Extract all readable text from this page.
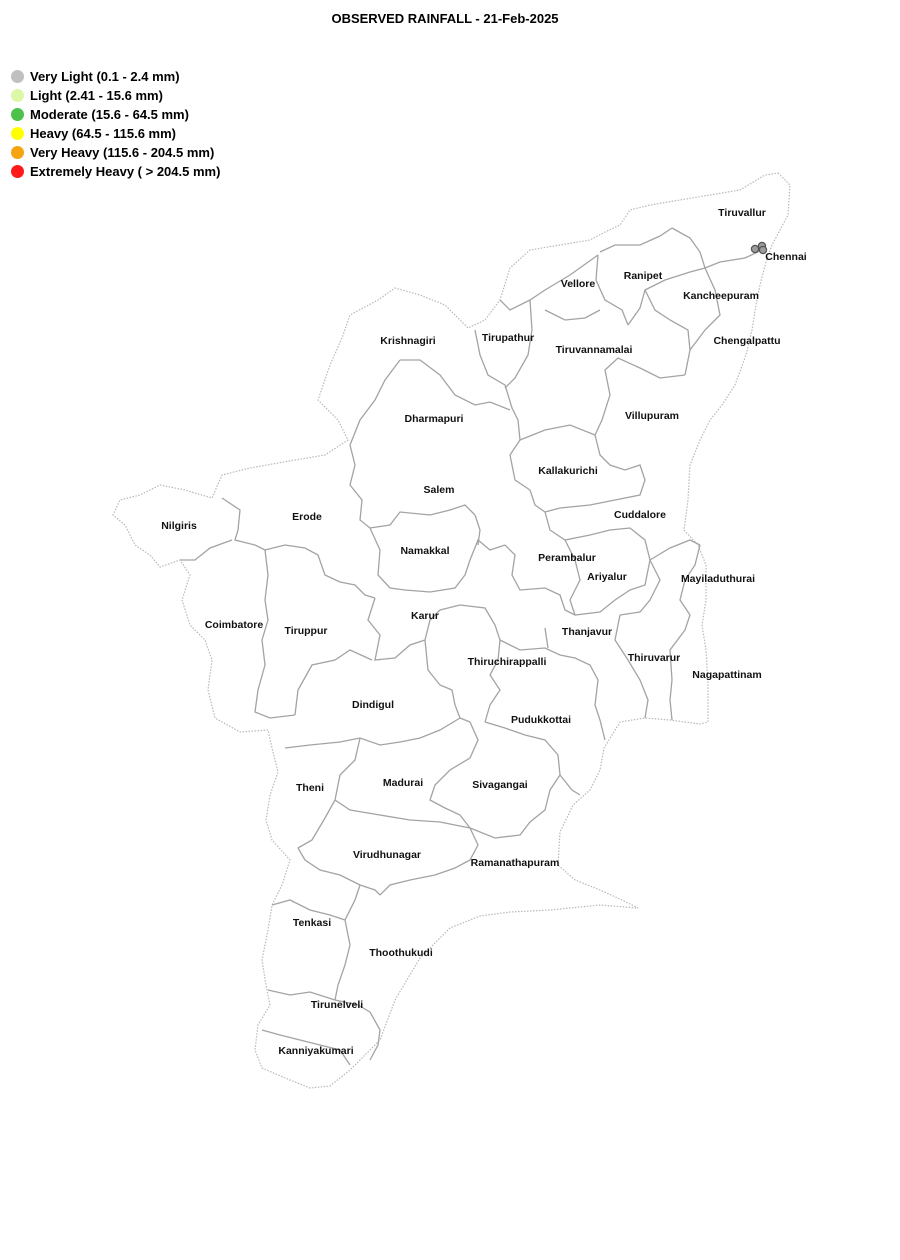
OBSERVED RAINFALL - 21-Feb-2025
Very Light (0.1 - 2.4 mm)
Light (2.41 - 15.6 mm)
Moderate (15.6 - 64.5 mm)
Heavy (64.5 - 115.6 mm)
Very Heavy (115.6 - 204.5 mm)
Extremely Heavy ( > 204.5 mm)
Tiruvallur
Chennai
Ranipet
Vellore
Kancheepuram
Krishnagiri	Tirupathur
Tiruvannamalai
Chengalpattu
Dharmapuri	Villupuram
Kallakurichi
Salem
Nilgiris
Erode	Cuddalore
Namakkal
Perambalur
Ariyalur	Mayiladuthurai
Karur
Coimbatore Tiruppur	Thanjavur
Thiruchirappalli	Thiruvarur
Nagapattinam
Dindigul
Pudukkottai
Madurai
Theni	Sivagangai
Virudhunagar
Ramanathapuram
Tenkasi
Thoothukudi
Tirunelveli
Kanniyakumari
